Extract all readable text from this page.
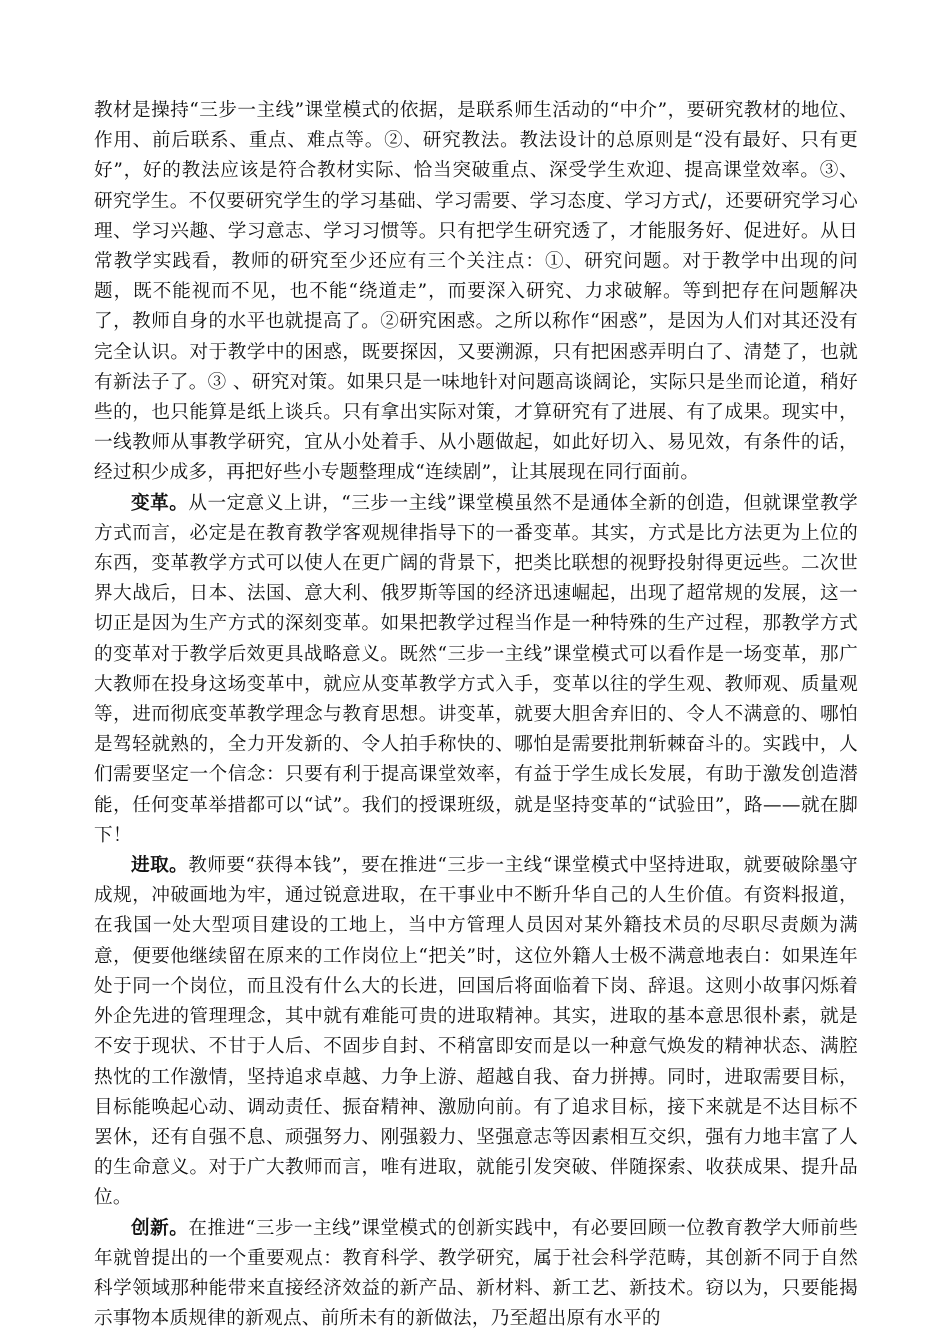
教材是操持“三步一主线”课堂模式的依据，是联系师生活动的“中介”，要研究教材的地位、作用、前后联系、重点、难点等。②、研究教法。教法设计的总原则是“没有最好、只有更好”，好的教法应该是符合教材实际、恰当突破重点、深受学生欢迎、提高课堂效率。③、研究学生。不仅要研究学生的学习基础、学习需要、学习态度、学习方式/，还要研究学习心理、学习兴趣、学习意志、学习习惯等。只有把学生研究透了，才能服务好、促进好。从日常教学实践看，教师的研究至少还应有三个关注点：①、研究问题。对于教学中出现的问题，既不能视而不见，也不能“绕道走”，而要深入研究、力求破解。等到把存在问题解决了，教师自身的水平也就提高了。②研究困惑。之所以称作“困惑”，是因为人们对其还没有完全认识。对于教学中的困惑，既要探因，又要溯源，只有把困惑弄明白了、清楚了，也就有新法子了。③ 、研究对策。如果只是一味地针对问题高谈阔论，实际只是坐而论道，稍好些的，也只能算是纸上谈兵。只有拿出实际对策，才算研究有了进展、有了成果。现实中，一线教师从事教学研究，宜从小处着手、从小题做起，如此好切入、易见效，有条件的话，经过积少成多，再把好些小专题整理成“连续剧”，让其展现在同行面前。

变革。从一定意义上讲，“三步一主线”课堂模虽然不是通体全新的创造，但就课堂教学方式而言，必定是在教育教学客观规律指导下的一番变革。其实，方式是比方法更为上位的东西，变革教学方式可以使人在更广阔的背景下，把类比联想的视野投射得更远些。二次世界大战后，日本、法国、意大利、俄罗斯等国的经济迅速崛起，出现了超常规的发展，这一切正是因为生产方式的深刻变革。如果把教学过程当作是一种特殊的生产过程，那教学方式的变革对于教学后效更具战略意义。既然“三步一主线”课堂模式可以看作是一场变革，那广大教师在投身这场变革中，就应从变革教学方式入手，变革以往的学生观、教师观、质量观等，进而彻底变革教学理念与教育思想。讲变革，就要大胆舍弃旧的、令人不满意的、哪怕是驾轻就熟的，全力开发新的、令人拍手称快的、哪怕是需要批荆斩棘奋斗的。实践中，人们需要坚定一个信念：只要有利于提高课堂效率，有益于学生成长发展，有助于激发创造潜能，任何变革举措都可以“试”。我们的授课班级，就是坚持变革的“试验田”，路——就在脚下！

进取。教师要“获得本钱”，要在推进“三步一主线“课堂模式中坚持进取，就要破除墨守成规，冲破画地为牢，通过锐意进取，在干事业中不断升华自己的人生价值。有资料报道，在我国一处大型项目建设的工地上，当中方管理人员因对某外籍技术员的尽职尽责颇为满意，便要他继续留在原来的工作岗位上“把关”时，这位外籍人士极不满意地表白：如果连年处于同一个岗位，而且没有什么大的长进，回国后将面临着下岗、辞退。这则小故事闪烁着外企先进的管理理念，其中就有难能可贵的进取精神。其实，进取的基本意思很朴素，就是不安于现状、不甘于人后、不固步自封、不稍富即安而是以一种意气焕发的精神状态、满腔热忱的工作激情，坚持追求卓越、力争上游、超越自我、奋力拼搏。同时，进取需要目标，目标能唤起心动、调动责任、振奋精神、激励向前。有了追求目标，接下来就是不达目标不罢休，还有自强不息、顽强努力、刚强毅力、坚强意志等因素相互交织，强有力地丰富了人的生命意义。对于广大教师而言，唯有进取，就能引发突破、伴随探索、收获成果、提升品位。

创新。在推进“三步一主线”课堂模式的创新实践中，有必要回顾一位教育教学大师前些年就曾提出的一个重要观点：教育科学、教学研究，属于社会科学范畴，其创新不同于自然科学领域那种能带来直接经济效益的新产品、新材料、新工艺、新技术。窃以为，只要能揭示事物本质规律的新观点、前所未有的新做法，乃至超出原有水平的
